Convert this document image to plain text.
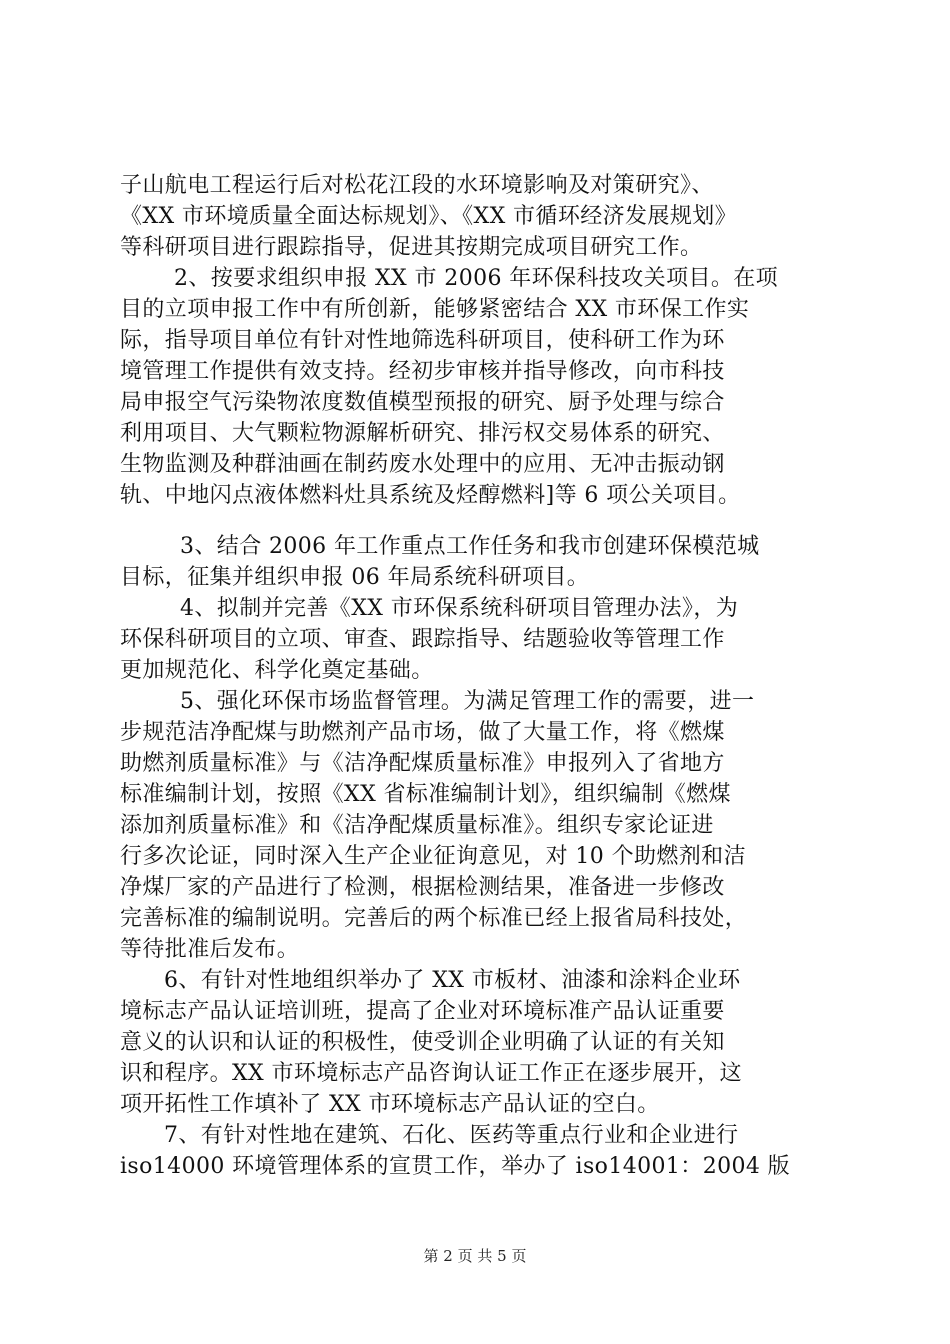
子山航电工程运行后对松花江段的水环境影响及对策研究》、
《XX 市环境质量全面达标规划》、《XX 市循环经济发展规划》
等科研项目进行跟踪指导，促进其按期完成项目研究工作。
2、按要求组织申报 XX 市 2006 年环保科技攻关项目。在项
目的立项申报工作中有所创新，能够紧密结合 XX 市环保工作实
际，指导项目单位有针对性地筛选科研项目，使科研工作为环
境管理工作提供有效支持。经初步审核并指导修改，向市科技
局申报空气污染物浓度数值模型预报的研究、厨予处理与综合
利用项目、大气颗粒物源解析研究、排污权交易体系的研究、
生物监测及种群油画在制药废水处理中的应用、无冲击振动钢
轨、中地闪点液体燃料灶具系统及烃醇燃料]等 6 项公关项目。
3、结合 2006 年工作重点工作任务和我市创建环保模范城
目标，征集并组织申报 06 年局系统科研项目。
4、拟制并完善《XX 市环保系统科研项目管理办法》，为
环保科研项目的立项、审查、跟踪指导、结题验收等管理工作
更加规范化、科学化奠定基础。
5、强化环保市场监督管理。为满足管理工作的需要，进一
步规范洁净配煤与助燃剂产品市场，做了大量工作，将《燃煤
助燃剂质量标准》与《洁净配煤质量标准》申报列入了省地方
标准编制计划，按照《XX 省标准编制计划》，组织编制《燃煤
添加剂质量标准》和《洁净配煤质量标准》。组织专家论证进
行多次论证，同时深入生产企业征询意见，对 10 个助燃剂和洁
净煤厂家的产品进行了检测，根据检测结果，准备进一步修改
完善标准的编制说明。完善后的两个标准已经上报省局科技处，
等待批准后发布。
6、有针对性地组织举办了 XX 市板材、油漆和涂料企业环
境标志产品认证培训班，提高了企业对环境标准产品认证重要
意义的认识和认证的积极性，使受训企业明确了认证的有关知
识和程序。XX 市环境标志产品咨询认证工作正在逐步展开，这
项开拓性工作填补了 XX 市环境标志产品认证的空白。
7、有针对性地在建筑、石化、医药等重点行业和企业进行
iso14000 环境管理体系的宣贯工作，举办了 iso14001：2004 版
第 2 页 共 5 页
